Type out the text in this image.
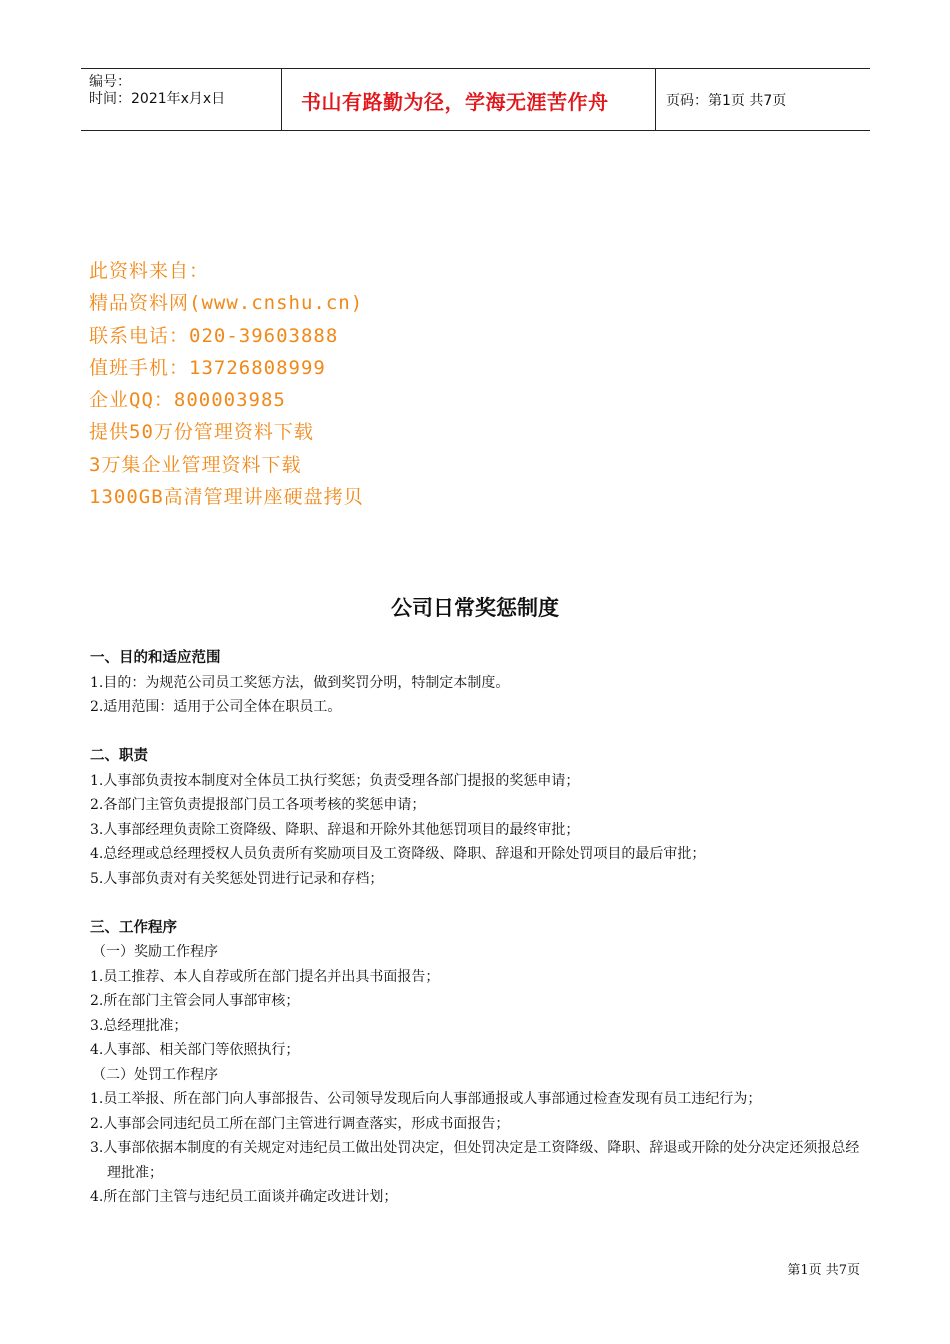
编号：
时间：2021年x月x日	书山有路勤为径，学海无涯苦作舟	页码：第1页 共7页
此资料来自：
精品资料网(www.cnshu.cn)
联系电话：020-39603888
值班手机：13726808999
企业QQ：800003985
提供50万份管理资料下载
3万集企业管理资料下载
1300GB高清管理讲座硬盘拷贝
公司日常奖惩制度
一、目的和适应范围
1.目的：为规范公司员工奖惩方法，做到奖罚分明，特制定本制度。
2.适用范围：适用于公司全体在职员工。
二、职责
1.人事部负责按本制度对全体员工执行奖惩；负责受理各部门提报的奖惩申请；
2.各部门主管负责提报部门员工各项考核的奖惩申请；
3.人事部经理负责除工资降级、降职、辞退和开除外其他惩罚项目的最终审批；
4.总经理或总经理授权人员负责所有奖励项目及工资降级、降职、辞退和开除处罚项目的最后审批；
5.人事部负责对有关奖惩处罚进行记录和存档；
三、工作程序
（一）奖励工作程序
1.员工推荐、本人自荐或所在部门提名并出具书面报告；
2.所在部门主管会同人事部审核；
3.总经理批准；
4.人事部、相关部门等依照执行；
（二）处罚工作程序
1.员工举报、所在部门向人事部报告、公司领导发现后向人事部通报或人事部通过检查发现有员工违纪行为；
2.人事部会同违纪员工所在部门主管进行调查落实，形成书面报告；
3.人事部依据本制度的有关规定对违纪员工做出处罚决定，但处罚决定是工资降级、降职、辞退或开除的处分决定还须报总经理批准；
4.所在部门主管与违纪员工面谈并确定改进计划；
第1页 共7页
